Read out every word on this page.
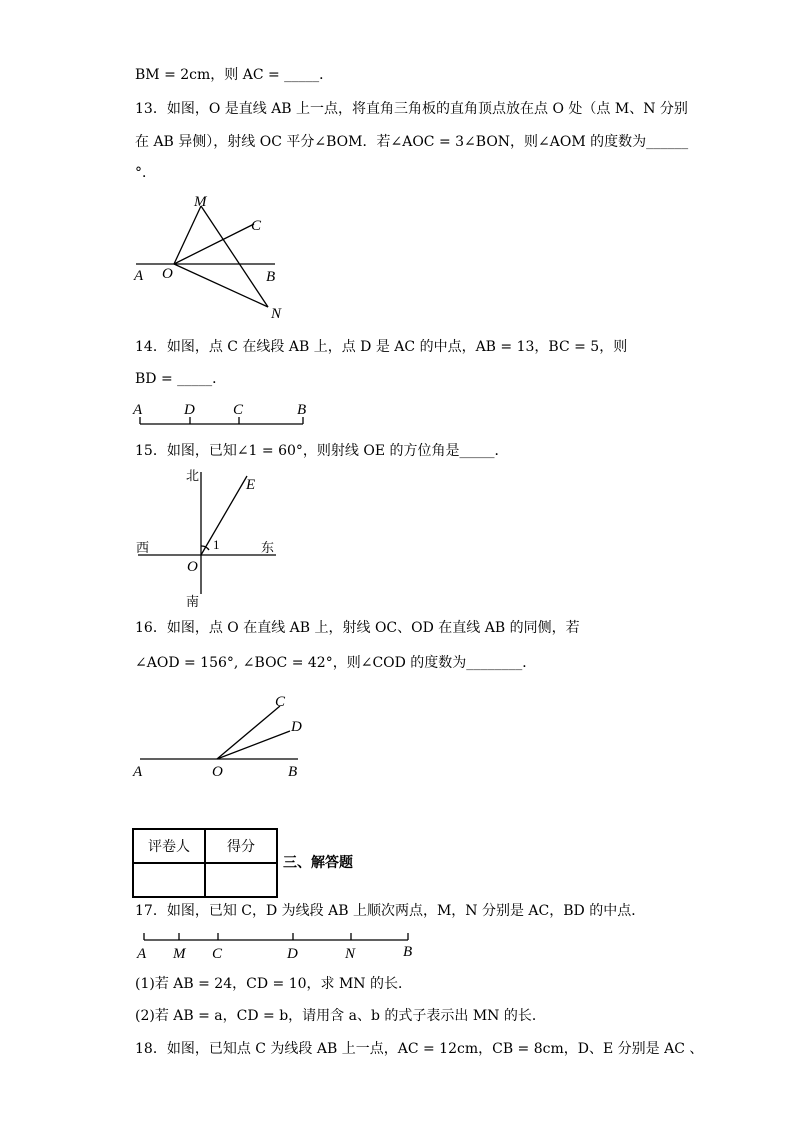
BM = 2cm，则 AC = _____．
13．如图，O 是直线 AB 上一点，将直角三角板的直角顶点放在点 O 处（点 M、N 分别
在 AB 异侧），射线 OC 平分∠BOM．若∠AOC = 3∠BON，则∠AOM 的度数为______
°．
A O	B
M
C
N
14．如图，点 C 在线段 AB 上，点 D 是 AC 的中点，AB = 13，BC = 5，则
BD = _____．
A	D	C	B
15．如图，已知∠1 = 60°，则射线 OE 的方位角是_____．
北
南
西	东
O
E
1
16．如图，点 O 在直线 AB 上，射线 OC、OD 在直线 AB 的同侧，若
∠AOD = 156°, ∠BOC = 42°，则∠COD 的度数为________．
A	O	B
C
D
评卷人	得分

三、解答题
17．如图，已知 C，D 为线段 AB 上顺次两点，M，N 分别是 AC，BD 的中点．
A M C	D	N	B
(1)若 AB = 24，CD = 10，求 MN 的长．
(2)若 AB = a，CD = b，请用含 a、b 的式子表示出 MN 的长．
18．如图，已知点 C 为线段 AB 上一点，AC = 12cm，CB = 8cm，D、E 分别是 AC 、
